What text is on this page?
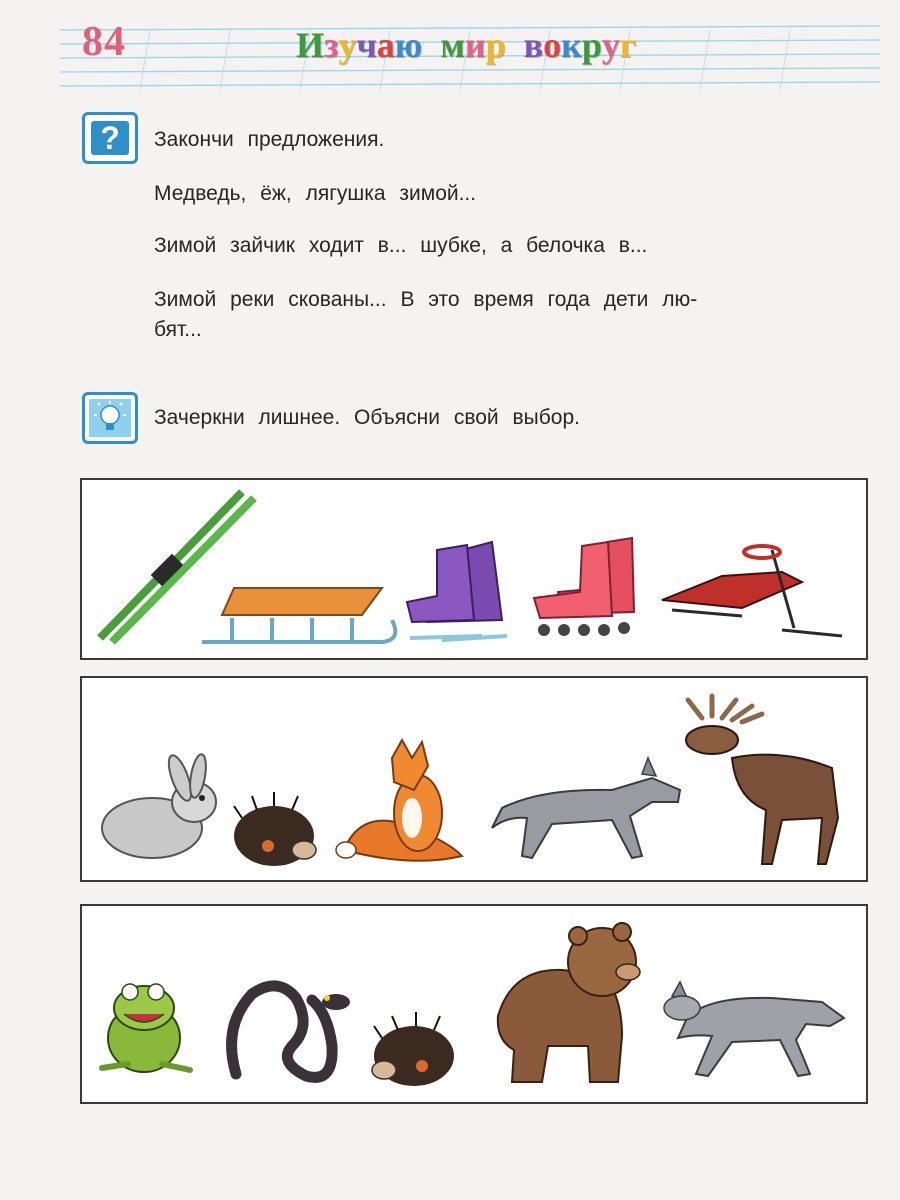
84	Изучаю мир вокруг
?	Закончи предложения.
Медведь, ёж, лягушка зимой...
Зимой зайчик ходит в... шубке, а белочка в...
Зимой реки скованы... В это время года дети лю-
бят...
Зачеркни лишнее. Объясни свой выбор.
